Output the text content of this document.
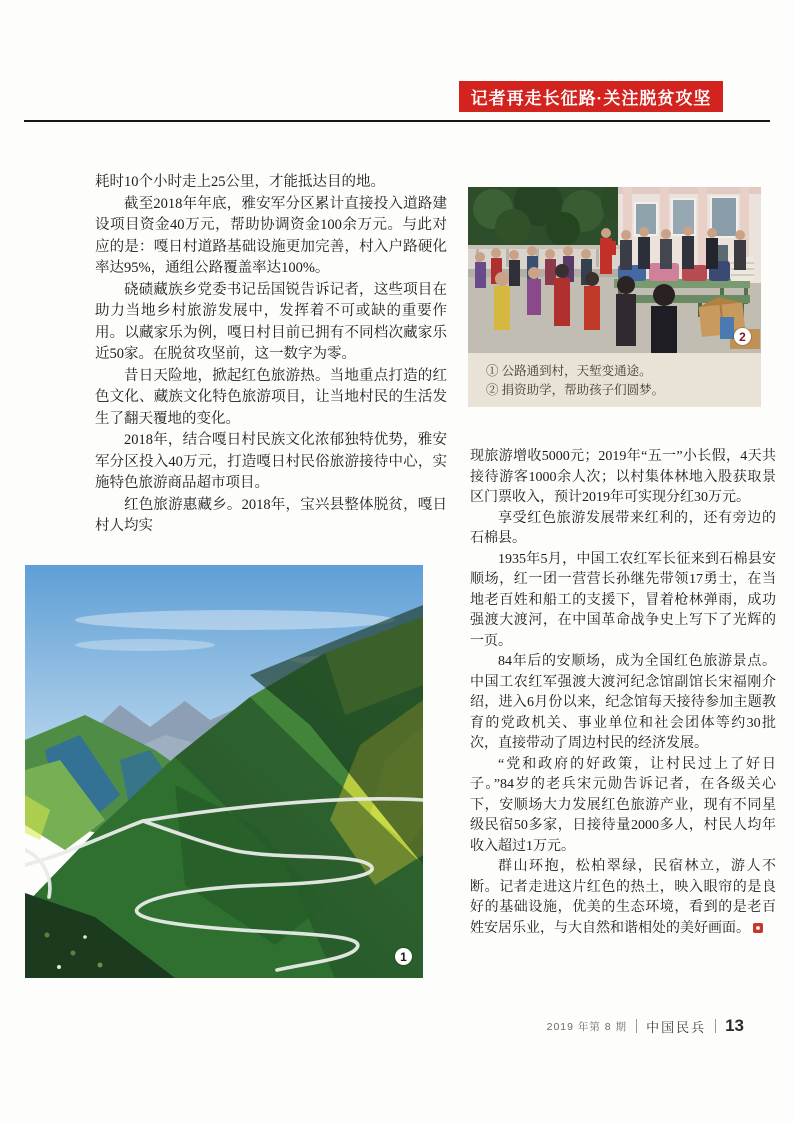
记者再走长征路·关注脱贫攻坚

耗时10个小时走上25公里，才能抵达目的地。

截至2018年年底，雅安军分区累计直接投入道路建设项目资金40万元，帮助协调资金100余万元。与此对应的是：嘎日村道路基础设施更加完善，村入户路硬化率达95%，通组公路覆盖率达100%。

硗碛藏族乡党委书记岳国锐告诉记者，这些项目在助力当地乡村旅游发展中，发挥着不可或缺的重要作用。以藏家乐为例，嘎日村目前已拥有不同档次藏家乐近50家。在脱贫攻坚前，这一数字为零。

昔日天险地，掀起红色旅游热。当地重点打造的红色文化、藏族文化特色旅游项目，让当地村民的生活发生了翻天覆地的变化。

2018年，结合嘎日村民族文化浓郁独特优势，雅安军分区投入40万元，打造嘎日村民俗旅游接待中心，实施特色旅游商品超市项目。

红色旅游惠藏乡。2018年，宝兴县整体脱贫，嘎日村人均实

2
① 公路通到村，天堑变通途。
② 捐资助学，帮助孩子们圆梦。

现旅游增收5000元；2019年“五一”小长假，4天共接待游客1000余人次；以村集体林地入股获取景区门票收入，预计2019年可实现分红30万元。

享受红色旅游发展带来红利的，还有旁边的石棉县。

1935年5月，中国工农红军长征来到石棉县安顺场，红一团一营营长孙继先带领17勇士，在当地老百姓和船工的支援下，冒着枪林弹雨，成功强渡大渡河，在中国革命战争史上写下了光辉的一页。

84年后的安顺场，成为全国红色旅游景点。中国工农红军强渡大渡河纪念馆副馆长宋福刚介绍，进入6月份以来，纪念馆每天接待参加主题教育的党政机关、事业单位和社会团体等约30批次，直接带动了周边村民的经济发展。

“党和政府的好政策，让村民过上了好日子。”84岁的老兵宋元勋告诉记者，在各级关心下，安顺场大力发展红色旅游产业，现有不同星级民宿50多家，日接待量2000多人，村民人均年收入超过1万元。

群山环抱，松柏翠绿，民宿林立，游人不断。记者走进这片红色的热土，映入眼帘的是良好的基础设施，优美的生态环境，看到的是老百姓安居乐业，与大自然和谐相处的美好画面。

1
2019 年第 8 期 中国民兵 13
